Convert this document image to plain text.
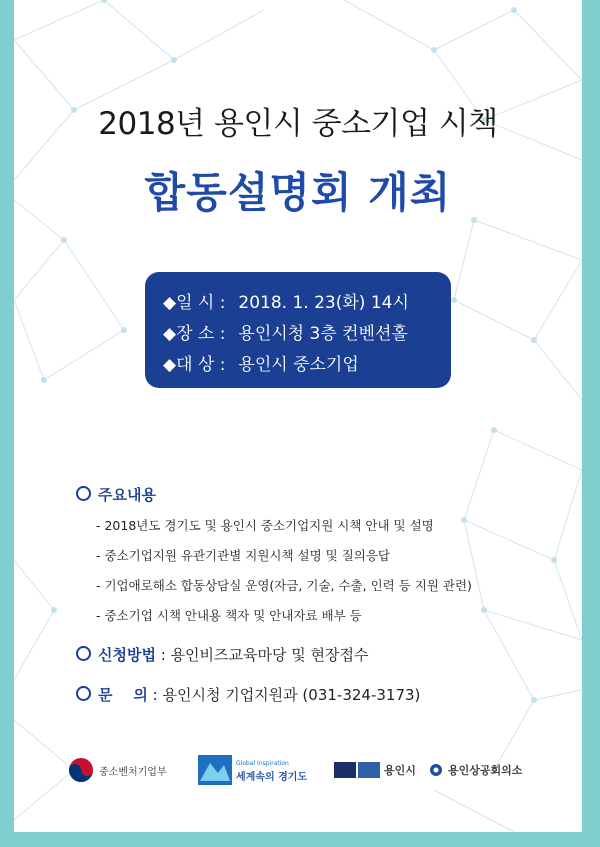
2018년 용인시 중소기업 시책
합동설명회 개최
◆일 시 : 2018. 1. 23(화) 14시
◆장 소 : 용인시청 3층 컨벤션홀
◆대 상 : 용인시 중소기업
주요내용
- 2018년도 경기도 및 용인시 중소기업지원 시책 안내 및 설명
- 중소기업지원 유관기관별 지원시책 설명 및 질의응답
- 기업애로해소 합동상담실 운영(자금, 기술, 수출, 인력 등 지원 관련)
- 중소기업 시책 안내용 책자 및 안내자료 배부 등
신청방법 : 용인비즈교육마당 및 현장접수
문    의 : 용인시청 기업지원과 (031-324-3173)
중소벤처기업부
Global Inspiration
세계속의 경기도	용인시	용인상공회의소
